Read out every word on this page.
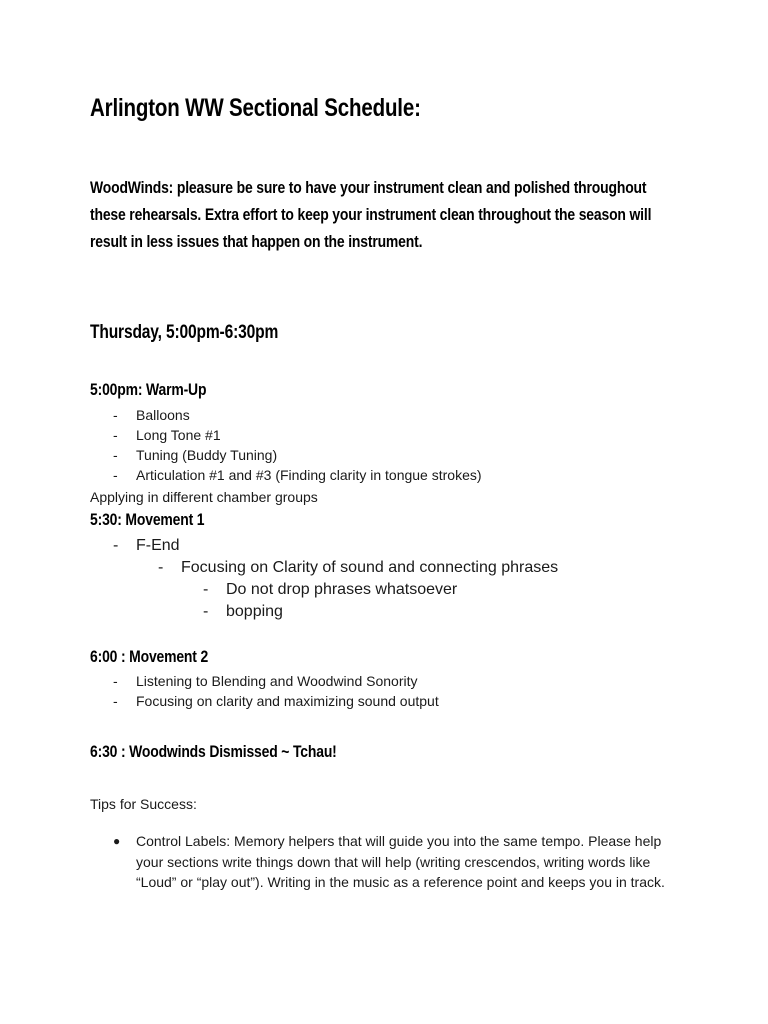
Arlington WW Sectional Schedule:

WoodWinds: pleasure be sure to have your instrument clean and polished throughout these rehearsals. Extra effort to keep your instrument clean throughout the season will result in less issues that happen on the instrument.

Thursday, 5:00pm-6:30pm
5:00pm: Warm-Up
- Balloons
- Long Tone #1
- Tuning (Buddy Tuning)
- Articulation #1 and #3 (Finding clarity in tongue strokes)
Applying in different chamber groups
5:30: Movement 1
- F-End
- Focusing on Clarity of sound and connecting phrases
- Do not drop phrases whatsoever
- bopping
6:00 : Movement 2
- Listening to Blending and Woodwind Sonority
- Focusing on clarity and maximizing sound output
6:30 : Woodwinds Dismissed ~ Tchau!
Tips for Success:
● Control Labels: Memory helpers that will guide you into the same tempo. Please help your sections write things down that will help (writing crescendos, writing words like “Loud” or “play out”). Writing in the music as a reference point and keeps you in track.
